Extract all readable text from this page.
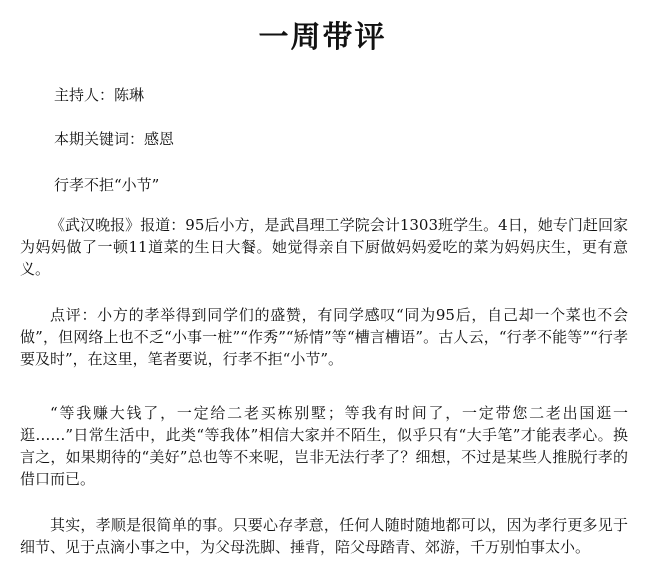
一周带评
主持人：陈琳
本期关键词：感恩
行孝不拒“小节”

《武汉晚报》报道：95后小方，是武昌理工学院会计1303班学生。4日，她专门赶回家为妈妈做了一顿11道菜的生日大餐。她觉得亲自下厨做妈妈爱吃的菜为妈妈庆生，更有意义。

点评：小方的孝举得到同学们的盛赞，有同学感叹“同为95后，自己却一个菜也不会做”，但网络上也不乏“小事一桩”“作秀”“矫情”等“槽言槽语”。古人云，“行孝不能等”“行孝要及时”，在这里，笔者要说，行孝不拒“小节”。

“等我赚大钱了，一定给二老买栋别墅；等我有时间了，一定带您二老出国逛一逛……”日常生活中，此类“等我体”相信大家并不陌生，似乎只有“大手笔”才能表孝心。换言之，如果期待的“美好”总也等不来呢，岂非无法行孝了？细想，不过是某些人推脱行孝的借口而已。

其实，孝顺是很简单的事。只要心存孝意，任何人随时随地都可以，因为孝行更多见于细节、见于点滴小事之中，为父母洗脚、捶背，陪父母踏青、郊游，千万别怕事太小。
